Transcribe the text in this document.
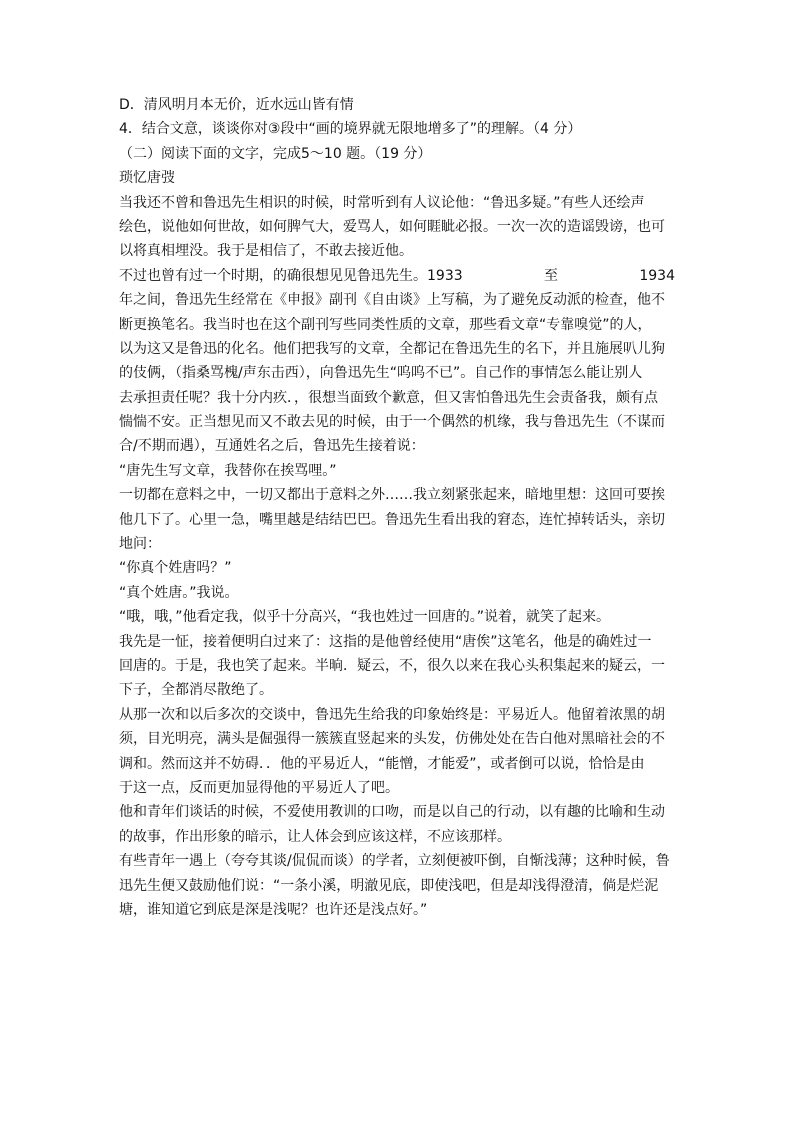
D．清风明月本无价，近水远山皆有情
4．结合文意，谈谈你对③段中“画的境界就无限地增多了”的理解。（4 分）
（二）阅读下面的文字，完成5～10 题。（19 分）
琐忆唐弢
当我还不曾和鲁迅先生相识的时候，时常听到有人议论他：“鲁迅多疑。”有些人还绘声
绘色，说他如何世故，如何脾气大，爱骂人，如何睚眦必报。一次一次的造谣毁谤，也可
以将真相埋没。我于是相信了，不敢去接近他。
不过也曾有过一个时期，的确很想见见鲁迅先生。1933	至	1934
年之间，鲁迅先生经常在《申报》副刊《自由谈》上写稿，为了避免反动派的检查，他不
断更换笔名。我当时也在这个副刊写些同类性质的文章，那些看文章“专靠嗅觉”的人，
以为这又是鲁迅的化名。他们把我写的文章，全都记在鲁迅先生的名下，并且施展叭儿狗
的伎俩，（指桑骂槐/声东击西），向鲁迅先生“呜呜不已”。自己作的事情怎么能让别人
去承担责任呢？我十分内疚．，很想当面致个歉意，但又害怕鲁迅先生会责备我，颇有点
惴惴不安。正当想见而又不敢去见的时候，由于一个偶然的机缘，我与鲁迅先生（不谋而
合/不期而遇），互通姓名之后，鲁迅先生接着说：
“唐先生写文章，我替你在挨骂哩。”
一切都在意料之中，一切又都出于意料之外……我立刻紧张起来，暗地里想：这回可要挨
他几下了。心里一急，嘴里越是结结巴巴。鲁迅先生看出我的窘态，连忙掉转话头，亲切
地问：
“你真个姓唐吗？”
“真个姓唐。”我说。
“哦，哦，”他看定我，似乎十分高兴，“我也姓过一回唐的。”说着，就笑了起来。
我先是一怔，接着便明白过来了：这指的是他曾经使用“唐俟”这笔名，他是的确姓过一
回唐的。于是，我也笑了起来。半晌．疑云，不，很久以来在我心头积集起来的疑云，一
下子，全都消尽散绝了。
从那一次和以后多次的交谈中，鲁迅先生给我的印象始终是：平易近人。他留着浓黑的胡
须，目光明亮，满头是倔强得一簇簇直竖起来的头发，仿佛处处在告白他对黑暗社会的不
调和。然而这并不妨碍．．他的平易近人，“能憎，才能爱”，或者倒可以说，恰恰是由
于这一点，反而更加显得他的平易近人了吧。
他和青年们谈话的时候，不爱使用教训的口吻，而是以自己的行动，以有趣的比喻和生动
的故事，作出形象的暗示，让人体会到应该这样，不应该那样。
有些青年一遇上（夸夸其谈/侃侃而谈）的学者，立刻便被吓倒，自惭浅薄；这种时候，鲁
迅先生便又鼓励他们说：“一条小溪，明澈见底，即使浅吧，但是却浅得澄清，倘是烂泥
塘，谁知道它到底是深是浅呢？也许还是浅点好。”
